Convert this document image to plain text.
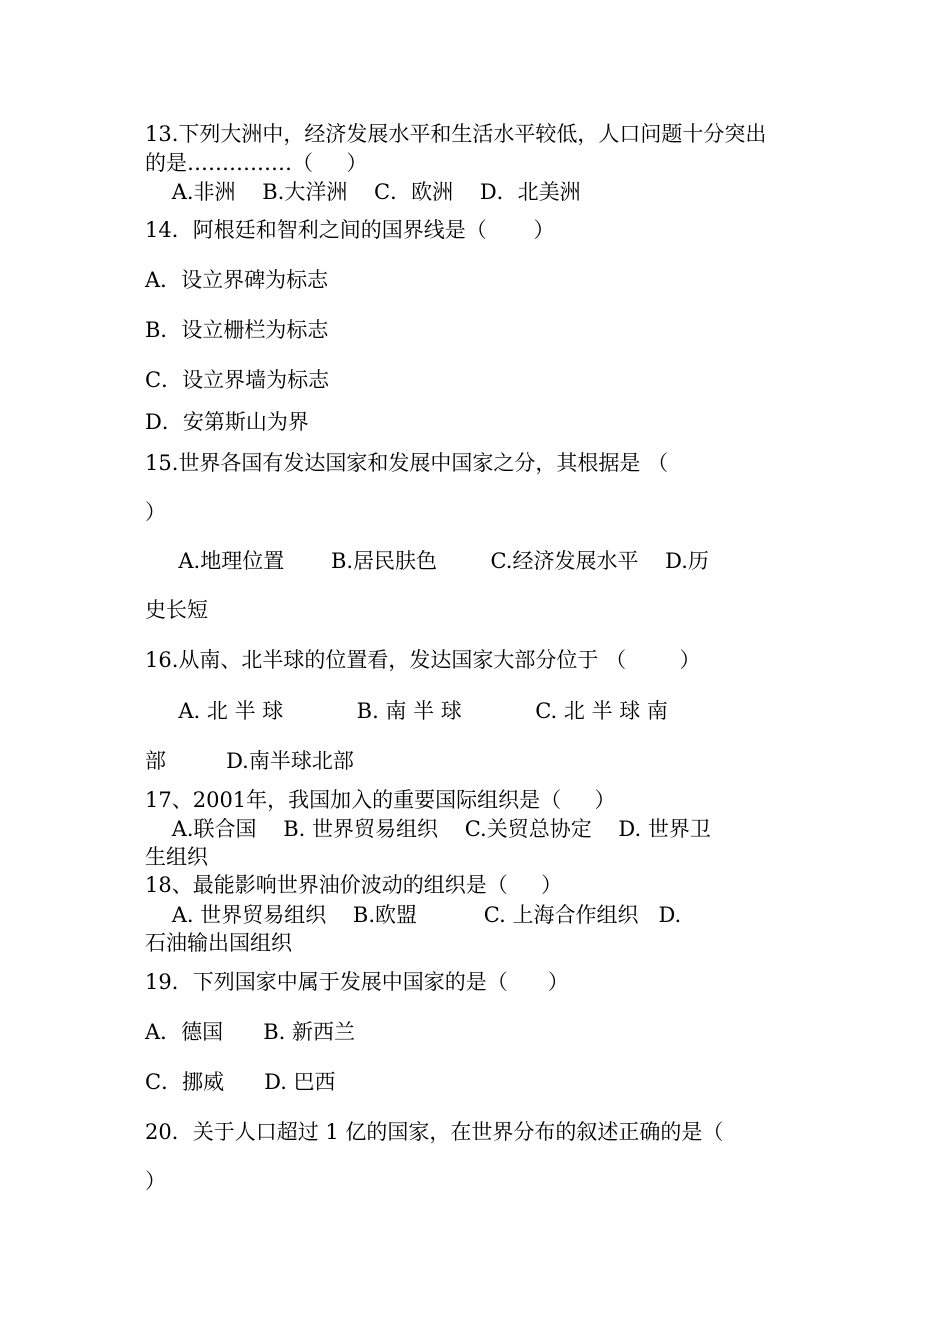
13.下列大洲中，经济发展水平和生活水平较低，人口问题十分突出
的是……………（     ）
A.非洲    B.大洋洲    C．欧洲    D．北美洲
14．阿根廷和智利之间的国界线是（       ）
A．设立界碑为标志
B．设立栅栏为标志
C．设立界墙为标志
D．安第斯山为界
15.世界各国有发达国家和发展中国家之分，其根据是 （
）
A.地理位置       B.居民肤色        C.经济发展水平    D.历
史长短
16.从南、北半球的位置看，发达国家大部分位于 （        ）
A. 北 半 球           B. 南 半 球           C. 北 半 球 南
部         D.南半球北部
17、2001年，我国加入的重要国际组织是（     ）
A.联合国    B. 世界贸易组织    C.关贸总协定    D. 世界卫
生组织
18、最能影响世界油价波动的组织是（     ）
A. 世界贸易组织    B.欧盟          C. 上海合作组织   D.
石油输出国组织
19．下列国家中属于发展中国家的是（      ）
A．德国      B. 新西兰
C．挪威      D. 巴西
20．关于人口超过 1 亿的国家，在世界分布的叙述正确的是（
）
